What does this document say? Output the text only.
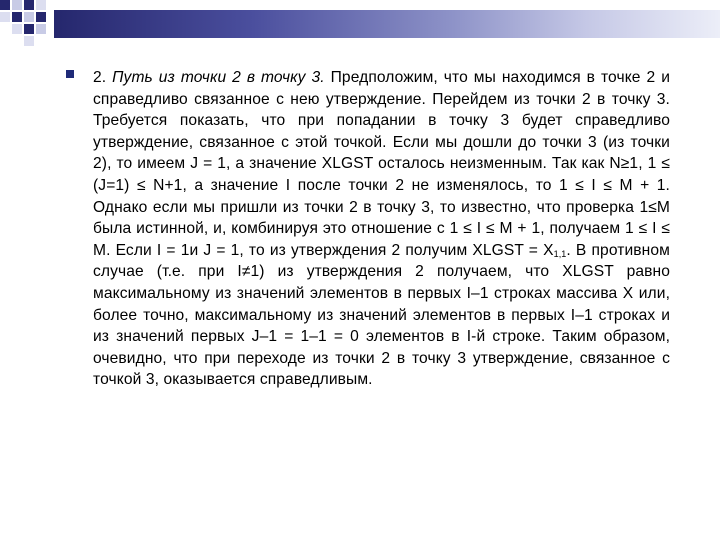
2. Путь из точки 2 в точку 3. Предположим, что мы находимся в точке 2 и справедливо связанное с нею утверждение. Перейдем из точки 2 в точку 3. Требуется показать, что при попадании в точку 3 будет справедливо утверждение, связанное с этой точкой. Если мы дошли до точки 3 (из точки 2), то имеем J = 1, а значение XLGST осталось неизменным. Так как N≥1, 1 ≤ (J=1) ≤ N+1, а значение I после точки 2 не изменялось, то 1 ≤ I ≤ M + 1. Однако если мы пришли из точки 2 в точку 3, то известно, что проверка 1≤M была истинной, и, комбинируя это отношение с 1 ≤ I ≤ M + 1, получаем 1 ≤ I ≤ M. Если I = 1и J = 1, то из утверждения 2 получим XLGST = $X_{1,1}$. В противном случае (т.е. при I≠1) из утверждения 2 получаем, что XLGST равно максимальному из значений элементов в первых I–1 строках массива X или, более точно, максимальному из значений элементов в первых I–1 строках и из значений первых J–1 = 1–1 = 0 элементов в I-й строке. Таким образом, очевидно, что при переходе из точки 2 в точку 3 утверждение, связанное с точкой 3, оказывается справедливым.
